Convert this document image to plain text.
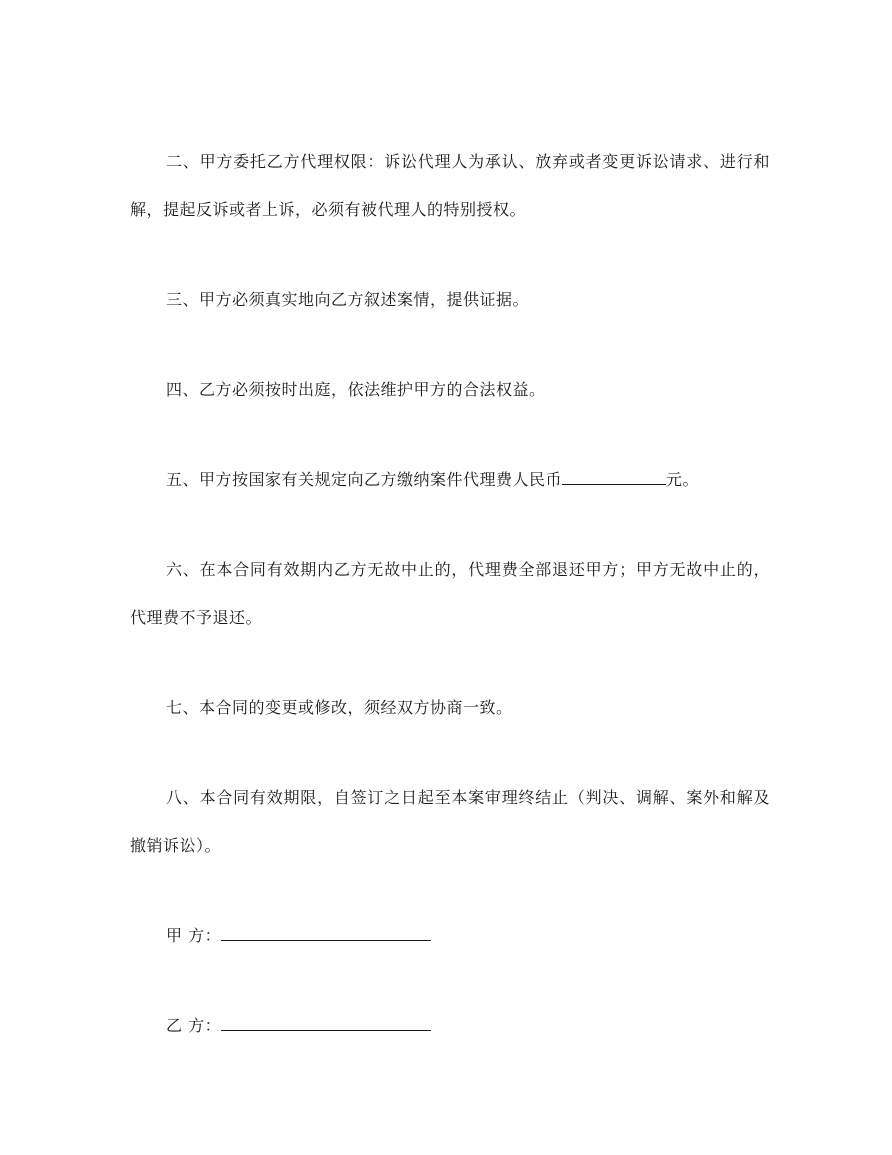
二、甲方委托乙方代理权限：诉讼代理人为承认、放弃或者变更诉讼请求、进行和解，提起反诉或者上诉，必须有被代理人的特别授权。

三、甲方必须真实地向乙方叙述案情，提供证据。

四、乙方必须按时出庭，依法维护甲方的合法权益。

五、甲方按国家有关规定向乙方缴纳案件代理费人民币	元。

六、在本合同有效期内乙方无故中止的，代理费全部退还甲方；甲方无故中止的，代理费不予退还。

七、本合同的变更或修改，须经双方协商一致。

八、本合同有效期限，自签订之日起至本案审理终结止（判决、调解、案外和解及撤销诉讼）。

甲 方：
乙 方：
